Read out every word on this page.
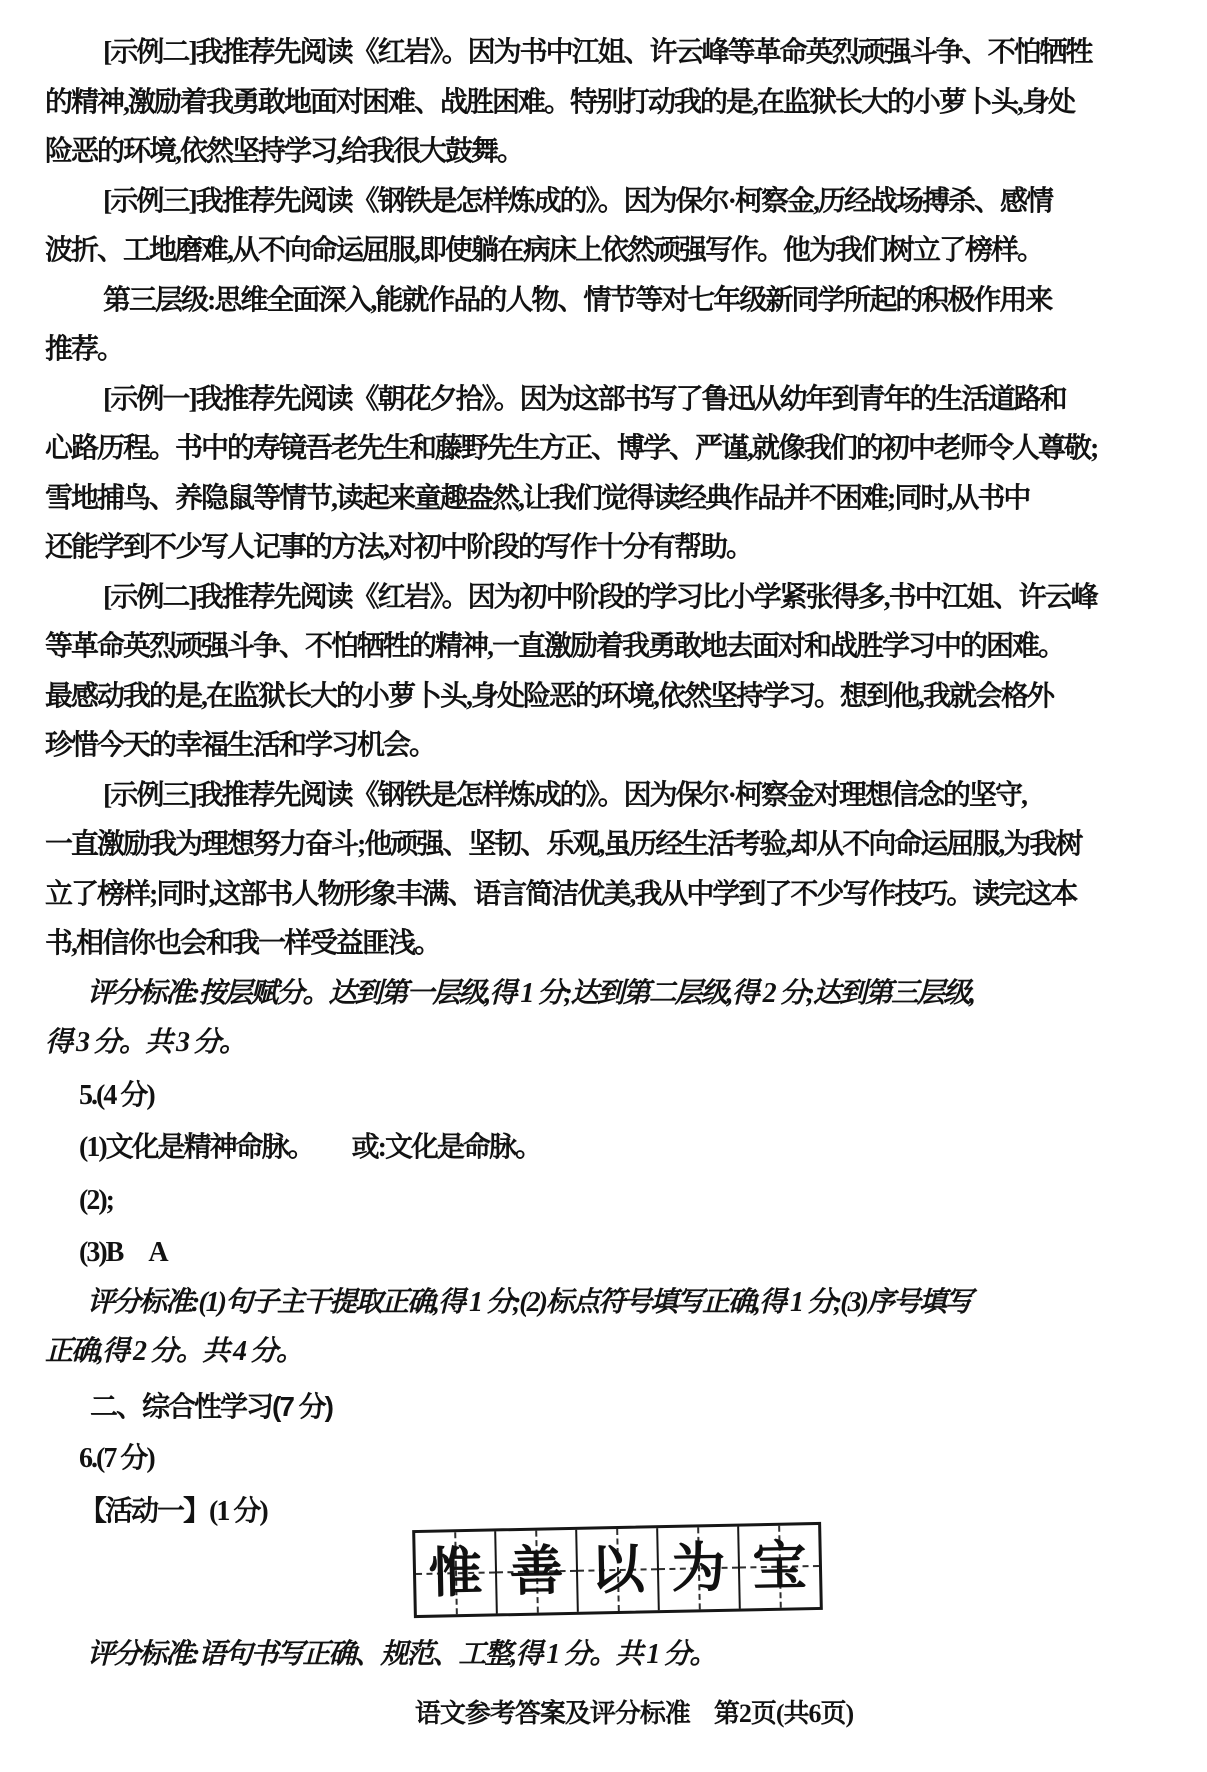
[示例二]我推荐先阅读《红岩》。因为书中江姐、许云峰等革命英烈顽强斗争、不怕牺牲
的精神,激励着我勇敢地面对困难、战胜困难。特别打动我的是,在监狱长大的小萝卜头,身处
险恶的环境,依然坚持学习,给我很大鼓舞。
[示例三]我推荐先阅读《钢铁是怎样炼成的》。因为保尔·柯察金,历经战场搏杀、感情
波折、工地磨难,从不向命运屈服,即使躺在病床上依然顽强写作。他为我们树立了榜样。
第三层级:思维全面深入,能就作品的人物、情节等对七年级新同学所起的积极作用来
推荐。
[示例一]我推荐先阅读《朝花夕拾》。因为这部书写了鲁迅从幼年到青年的生活道路和
心路历程。书中的寿镜吾老先生和藤野先生方正、博学、严谨,就像我们的初中老师令人尊敬;
雪地捕鸟、养隐鼠等情节,读起来童趣盎然,让我们觉得读经典作品并不困难;同时,从书中
还能学到不少写人记事的方法,对初中阶段的写作十分有帮助。
[示例二]我推荐先阅读《红岩》。因为初中阶段的学习比小学紧张得多,书中江姐、许云峰
等革命英烈顽强斗争、不怕牺牲的精神,一直激励着我勇敢地去面对和战胜学习中的困难。
最感动我的是,在监狱长大的小萝卜头,身处险恶的环境,依然坚持学习。想到他,我就会格外
珍惜今天的幸福生活和学习机会。
[示例三]我推荐先阅读《钢铁是怎样炼成的》。因为保尔·柯察金对理想信念的坚守,
一直激励我为理想努力奋斗;他顽强、坚韧、乐观,虽历经生活考验,却从不向命运屈服,为我树
立了榜样;同时,这部书人物形象丰满、语言简洁优美,我从中学到了不少写作技巧。读完这本
书,相信你也会和我一样受益匪浅。
评分标准:按层赋分。达到第一层级,得 1 分;达到第二层级,得 2 分;达到第三层级,
得 3 分。共 3 分。
5.(4 分)
(1)文化是精神命脉。　　或:文化是命脉。
(2);
(3)B　A
评分标准:(1)句子主干提取正确,得 1 分;(2)标点符号填写正确,得 1 分;(3)序号填写
正确,得 2 分。共 4 分。
二、综合性学习(7 分)
6.(7 分)
【活动一】(1 分)
惟 善 以 为 宝
评分标准:语句书写正确、规范、工整,得 1 分。共 1 分。
语文参考答案及评分标准 第2页(共6页)
